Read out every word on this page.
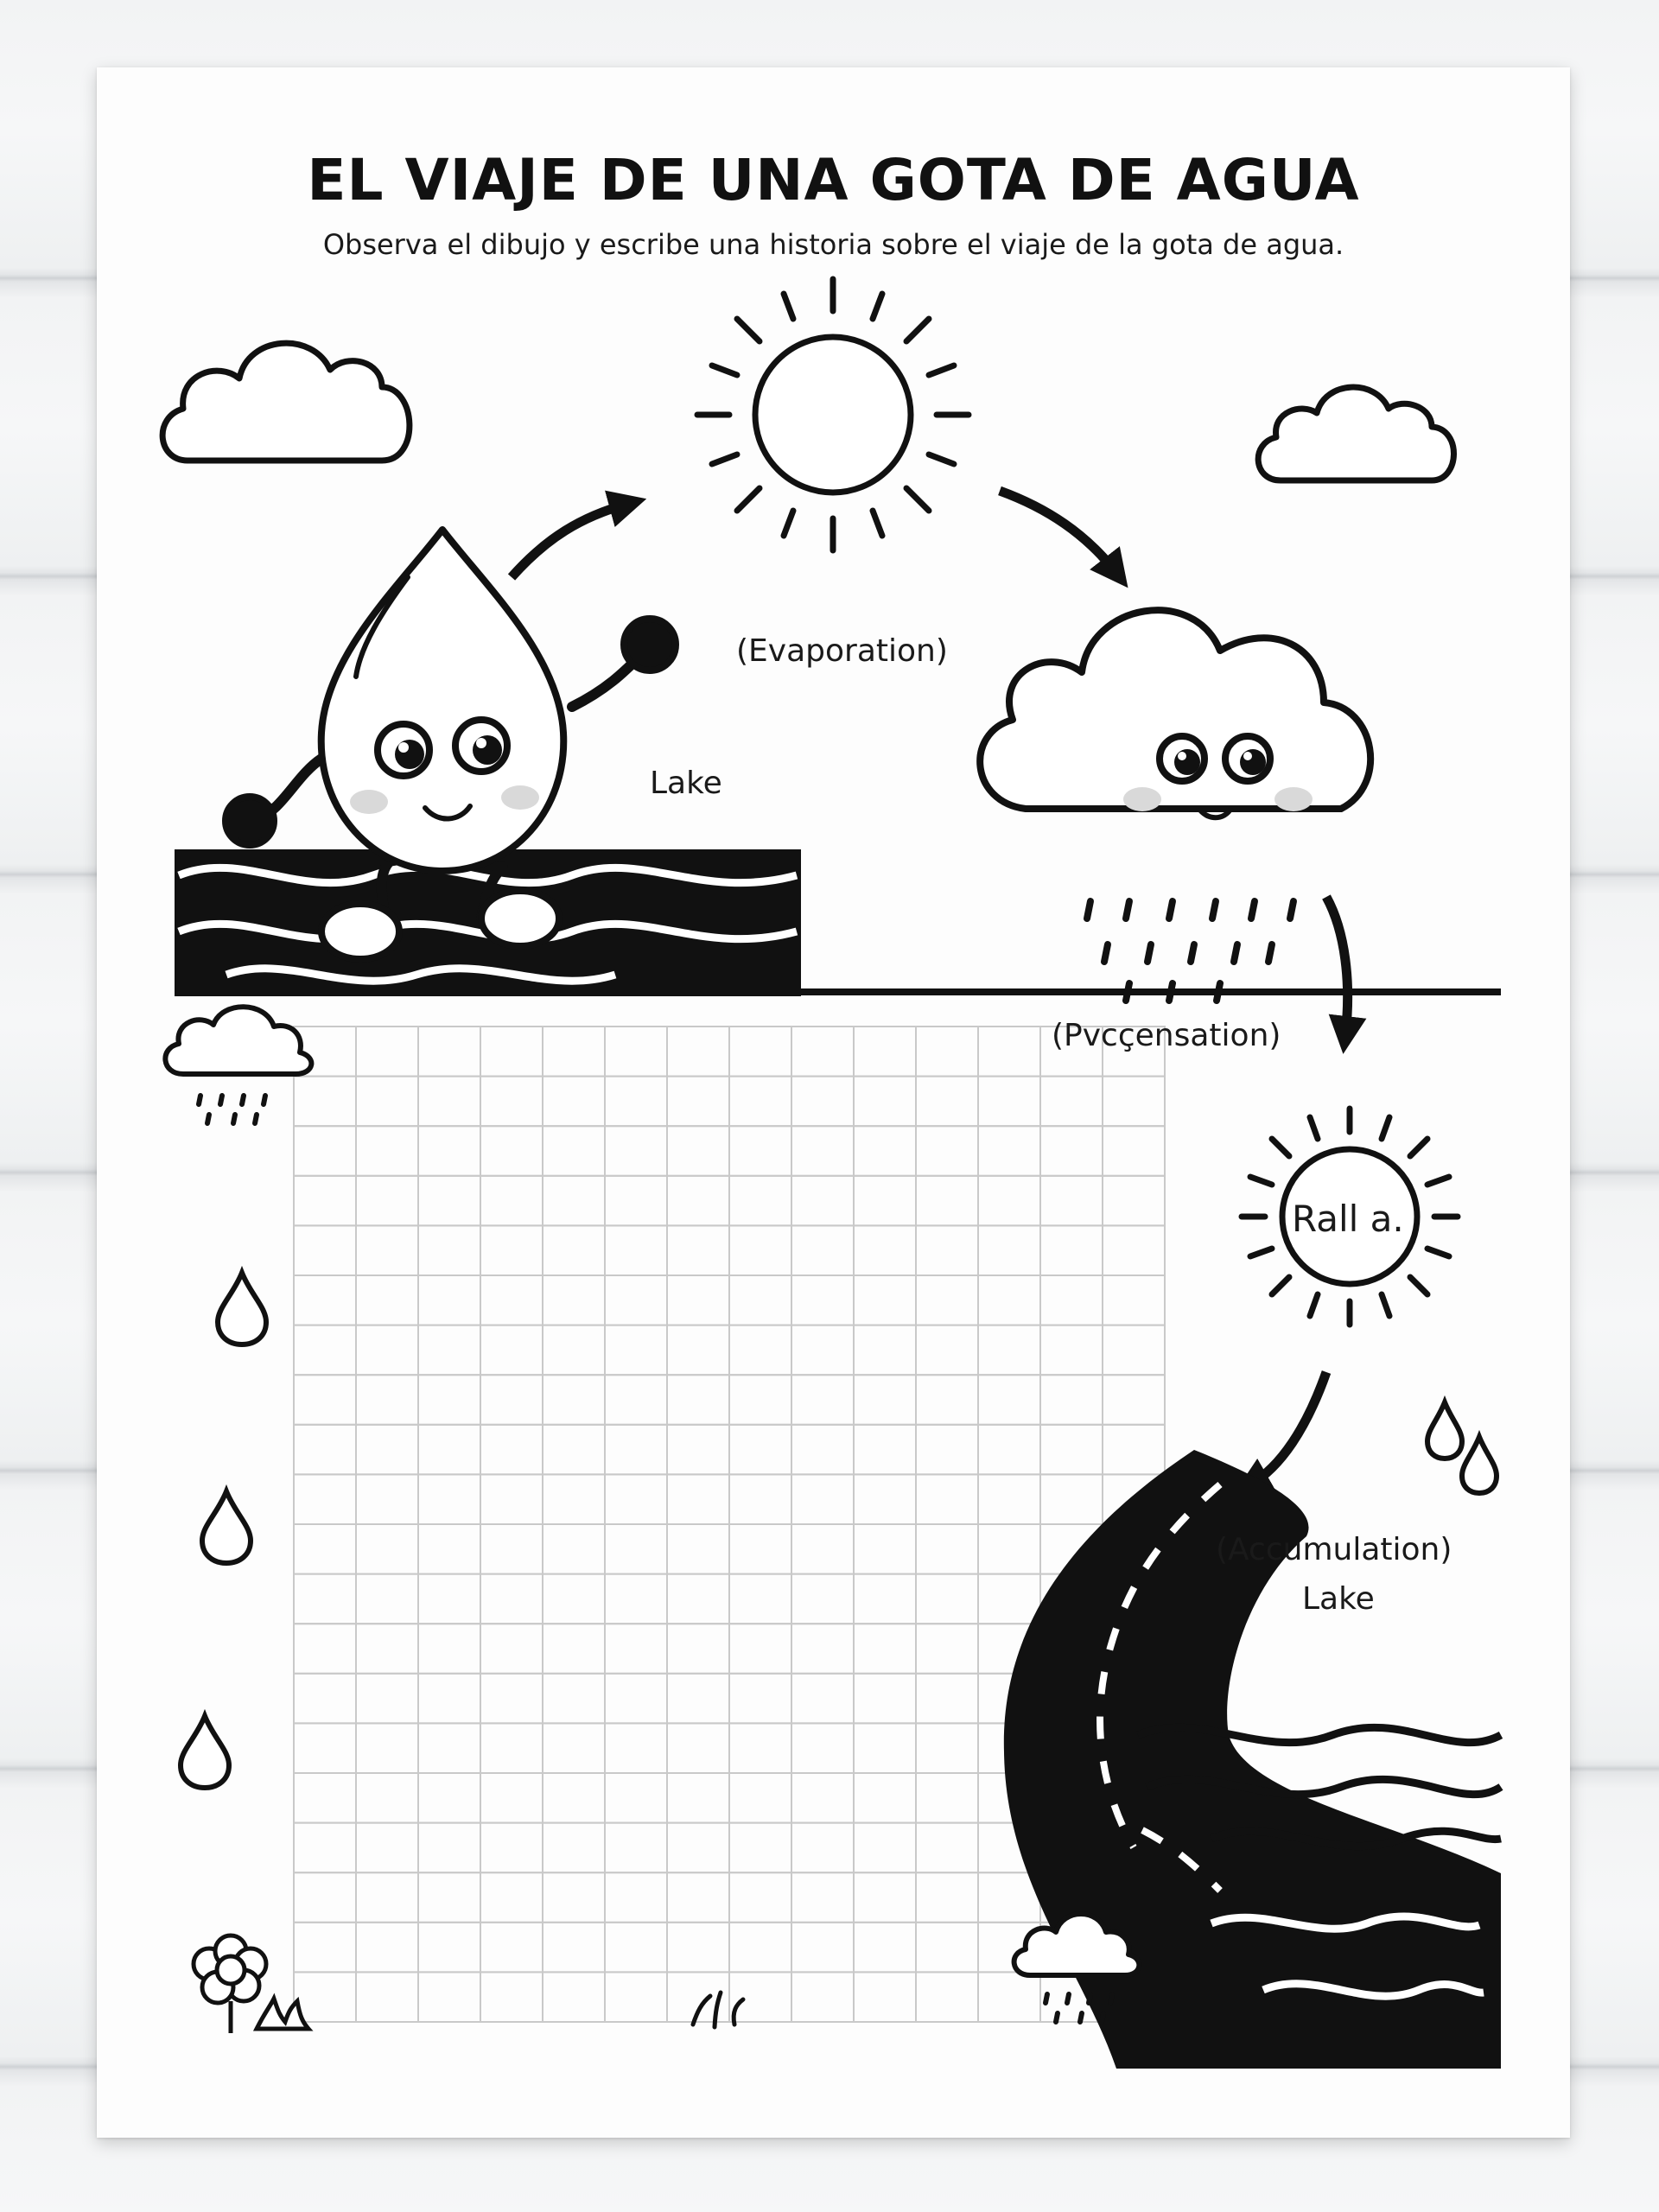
EL VIAJE DE UNA GOTA DE AGUA
Observa el dibujo y escribe una historia sobre el viaje de la gota de agua.
(Evaporation)
Lake
(Pvcçensation)
Rall a.
(Accumulation)
Lake
